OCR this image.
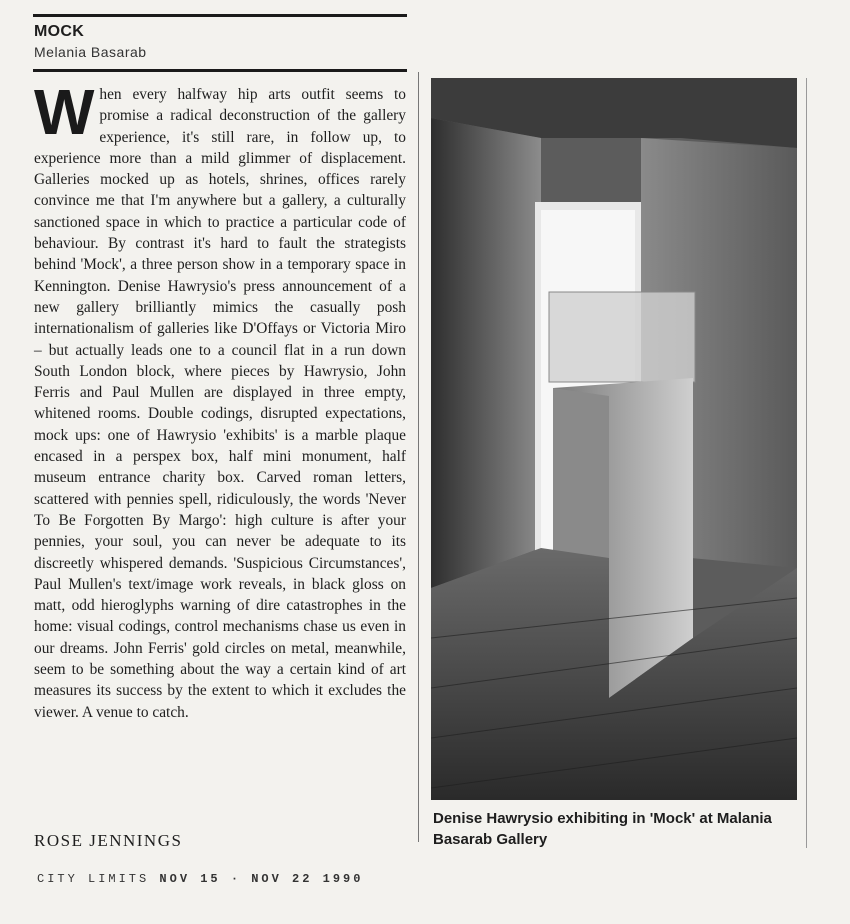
MOCK
Melania Basarab
W hen every halfway hip arts outfit seems to promise a radical deconstruction of the gallery experience, it's still rare, in follow up, to experience more than a mild glimmer of displacement. Galleries mocked up as hotels, shrines, offices rarely convince me that I'm anywhere but a gallery, a culturally sanctioned space in which to practice a particular code of behaviour. By contrast it's hard to fault the strategists behind 'Mock', a three person show in a temporary space in Kennington. Denise Hawrysio's press announcement of a new gallery brilliantly mimics the casually posh internationalism of galleries like D'Offays or Victoria Miro – but actually leads one to a council flat in a run down South London block, where pieces by Hawrysio, John Ferris and Paul Mullen are displayed in three empty, whitened rooms. Double codings, disrupted expectations, mock ups: one of Hawrysio 'exhibits' is a marble plaque encased in a perspex box, half mini monument, half museum entrance charity box. Carved roman letters, scattered with pennies spell, ridiculously, the words 'Never To Be Forgotten By Margo': high culture is after your pennies, your soul, you can never be adequate to its discreetly whispered demands. 'Suspicious Circumstances', Paul Mullen's text/image work reveals, in black gloss on matt, odd hieroglyphs warning of dire catastrophes in the home: visual codings, control mechanisms chase us even in our dreams. John Ferris' gold circles on metal, meanwhile, seem to be something about the way a certain kind of art measures its success by the extent to which it excludes the viewer. A venue to catch.
ROSE JENNINGS
CITY LIMITS NOV 15 · NOV 22 1990
Denise Hawrysio exhibiting in 'Mock' at Malania Basarab Gallery
